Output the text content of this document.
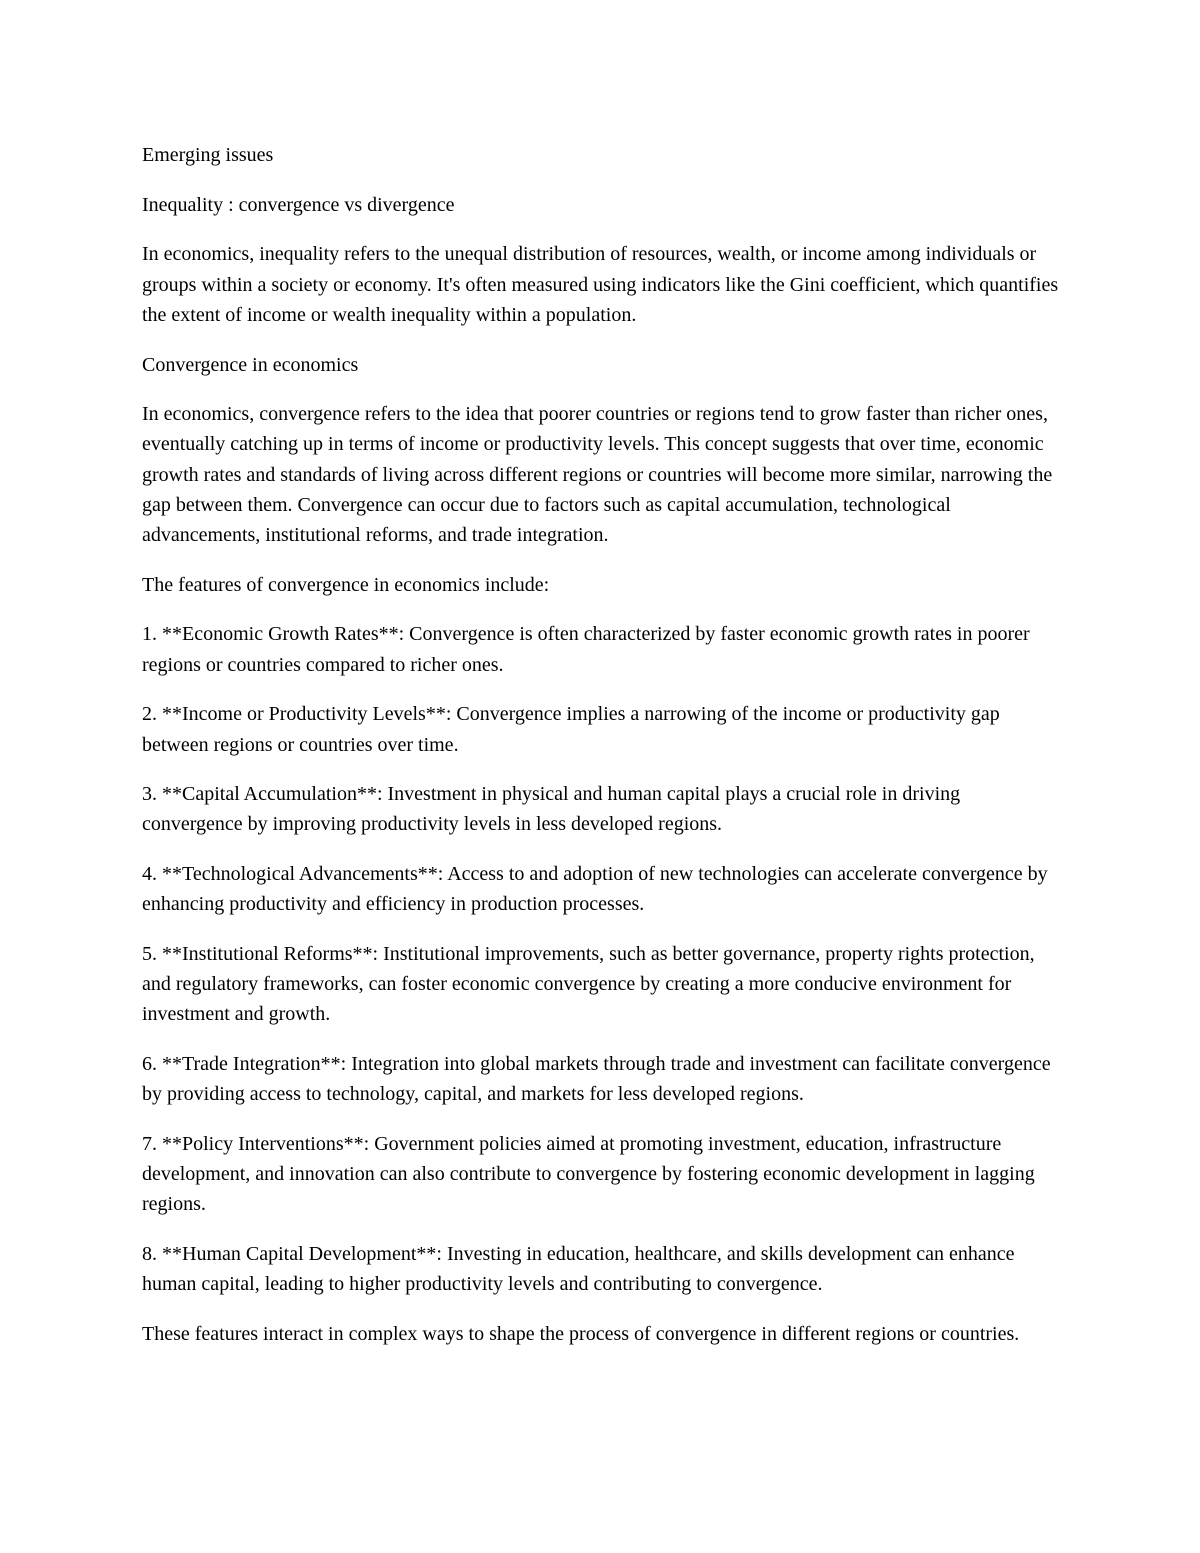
Emerging issues

Inequality : convergence vs divergence

In economics, inequality refers to the unequal distribution of resources, wealth, or income among individuals or groups within a society or economy. It's often measured using indicators like the Gini coefficient, which quantifies the extent of income or wealth inequality within a population.

Convergence in economics

In economics, convergence refers to the idea that poorer countries or regions tend to grow faster than richer ones, eventually catching up in terms of income or productivity levels. This concept suggests that over time, economic growth rates and standards of living across different regions or countries will become more similar, narrowing the gap between them. Convergence can occur due to factors such as capital accumulation, technological advancements, institutional reforms, and trade integration.

The features of convergence in economics include:

1. **Economic Growth Rates**: Convergence is often characterized by faster economic growth rates in poorer regions or countries compared to richer ones.

2. **Income or Productivity Levels**: Convergence implies a narrowing of the income or productivity gap between regions or countries over time.

3. **Capital Accumulation**: Investment in physical and human capital plays a crucial role in driving convergence by improving productivity levels in less developed regions.

4. **Technological Advancements**: Access to and adoption of new technologies can accelerate convergence by enhancing productivity and efficiency in production processes.

5. **Institutional Reforms**: Institutional improvements, such as better governance, property rights protection, and regulatory frameworks, can foster economic convergence by creating a more conducive environment for investment and growth.

6. **Trade Integration**: Integration into global markets through trade and investment can facilitate convergence by providing access to technology, capital, and markets for less developed regions.

7. **Policy Interventions**: Government policies aimed at promoting investment, education, infrastructure development, and innovation can also contribute to convergence by fostering economic development in lagging regions.

8. **Human Capital Development**: Investing in education, healthcare, and skills development can enhance human capital, leading to higher productivity levels and contributing to convergence.

These features interact in complex ways to shape the process of convergence in different regions or countries.
